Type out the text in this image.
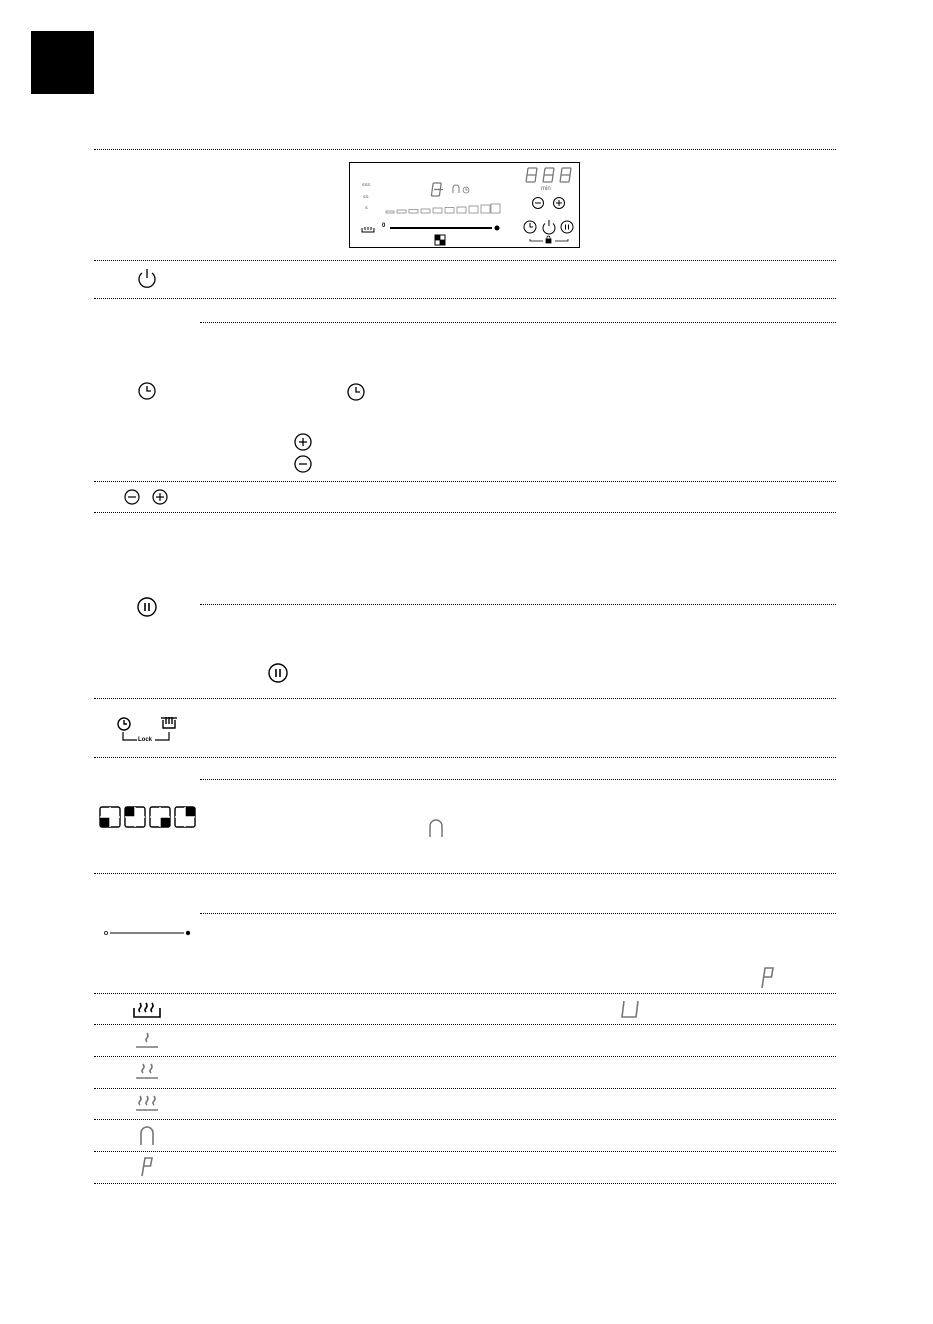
min
≤≤≤
≤≤
≤
0
Lock
